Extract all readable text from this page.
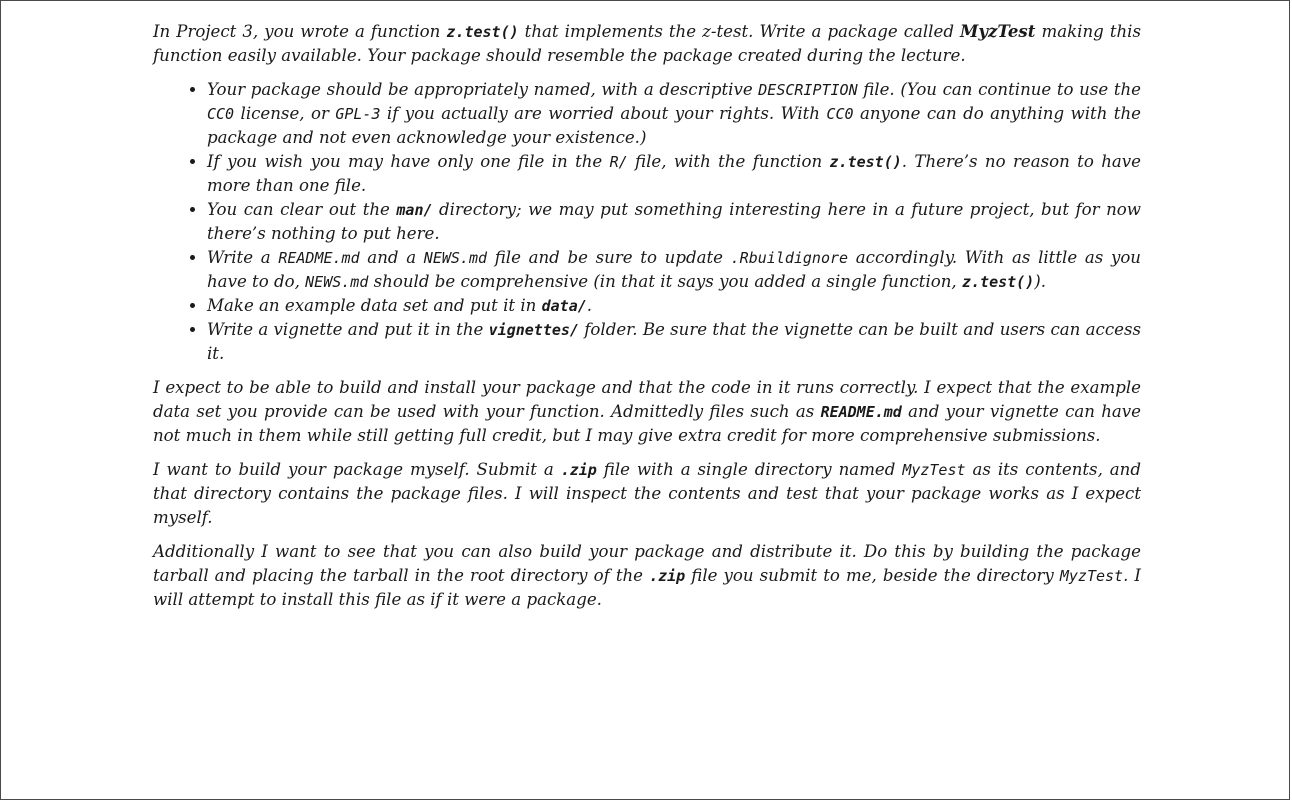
In Project 3, you wrote a function z.test() that implements the z-test. Write a package called MyzTest making this function easily available. Your package should resemble the package created during the lecture.

• Your package should be appropriately named, with a descriptive DESCRIPTION file. (You can continue to use the CC0 license, or GPL-3 if you actually are worried about your rights. With CC0 anyone can do anything with the package and not even acknowledge your existence.)
• If you wish you may have only one file in the R/ file, with the function z.test(). There’s no reason to have more than one file.
• You can clear out the man/ directory; we may put something interesting here in a future project, but for now there’s nothing to put here.
• Write a README.md and a NEWS.md file and be sure to update .Rbuildignore accordingly. With as little as you have to do, NEWS.md should be comprehensive (in that it says you added a single function, z.test()).
• Make an example data set and put it in data/.
• Write a vignette and put it in the vignettes/ folder. Be sure that the vignette can be built and users can access it.

I expect to be able to build and install your package and that the code in it runs correctly. I expect that the example data set you provide can be used with your function. Admittedly files such as README.md and your vignette can have not much in them while still getting full credit, but I may give extra credit for more comprehensive submissions.

I want to build your package myself. Submit a .zip file with a single directory named MyzTest as its contents, and that directory contains the package files. I will inspect the contents and test that your package works as I expect myself.

Additionally I want to see that you can also build your package and distribute it. Do this by building the package tarball and placing the tarball in the root directory of the .zip file you submit to me, beside the directory MyzTest. I will attempt to install this file as if it were a package.
